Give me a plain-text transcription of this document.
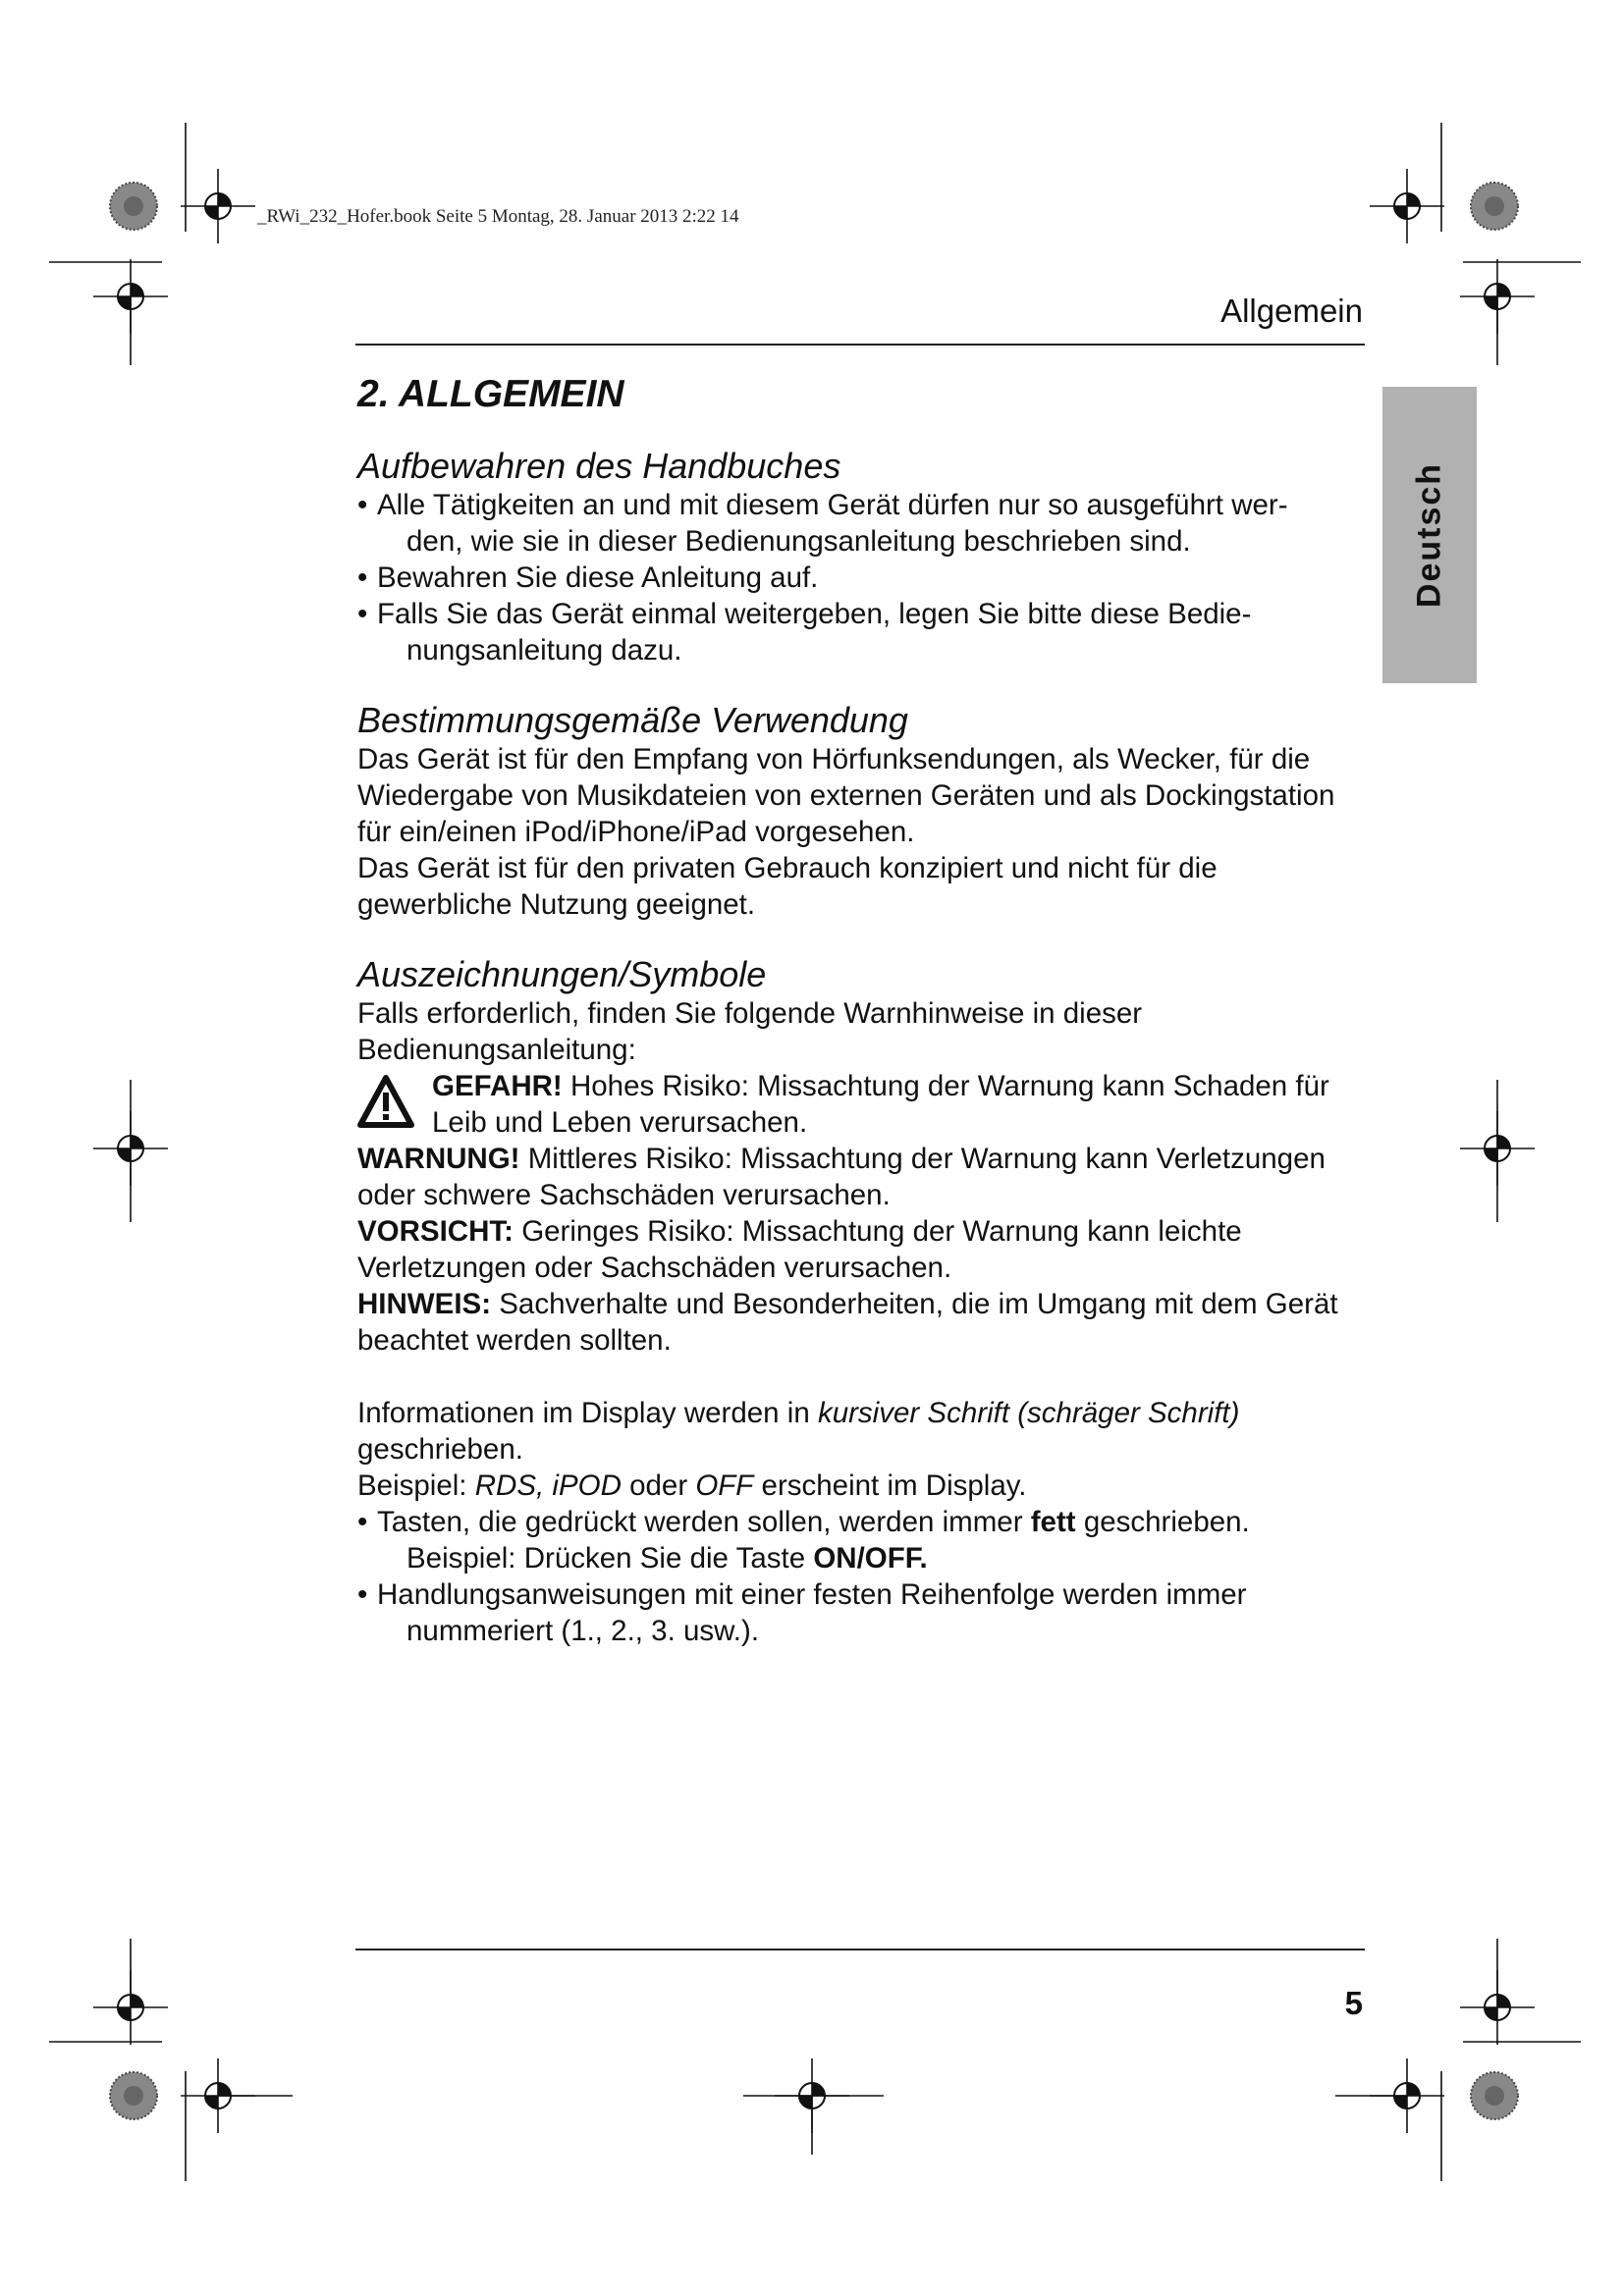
_RWi_232_Hofer.book Seite 5 Montag, 28. Januar 2013 2:22 14
Allgemein
Deutsch
2. ALLGEMEIN
Aufbewahren des Handbuches
• Alle Tätigkeiten an und mit diesem Gerät dürfen nur so ausgeführt wer-
den, wie sie in dieser Bedienungsanleitung beschrieben sind.
• Bewahren Sie diese Anleitung auf.
• Falls Sie das Gerät einmal weitergeben, legen Sie bitte diese Bedie-
nungsanleitung dazu.
Bestimmungsgemäße Verwendung

Das Gerät ist für den Empfang von Hörfunksendungen, als Wecker, für die Wiedergabe von Musikdateien von externen Geräten und als Dockingstation für ein/einen iPod/iPhone/iPad vorgesehen.

Das Gerät ist für den privaten Gebrauch konzipiert und nicht für die gewerbliche Nutzung geeignet.

Auszeichnungen/Symbole

Falls erforderlich, finden Sie folgende Warnhinweise in dieser Bedienungsanleitung:

GEFAHR! Hohes Risiko: Missachtung der Warnung kann Schaden für Leib und Leben verursachen.

WARNUNG! Mittleres Risiko: Missachtung der Warnung kann Verletzungen oder schwere Sachschäden verursachen.

VORSICHT: Geringes Risiko: Missachtung der Warnung kann leichte Verletzungen oder Sachschäden verursachen.

HINWEIS: Sachverhalte und Besonderheiten, die im Umgang mit dem Gerät beachtet werden sollten.

Informationen im Display werden in kursiver Schrift (schräger Schrift) geschrieben.

Beispiel: RDS, iPOD oder OFF erscheint im Display.

• Tasten, die gedrückt werden sollen, werden immer fett geschrieben.
Beispiel: Drücken Sie die Taste ON/OFF.
• Handlungsanweisungen mit einer festen Reihenfolge werden immer
nummeriert (1., 2., 3. usw.).
5
